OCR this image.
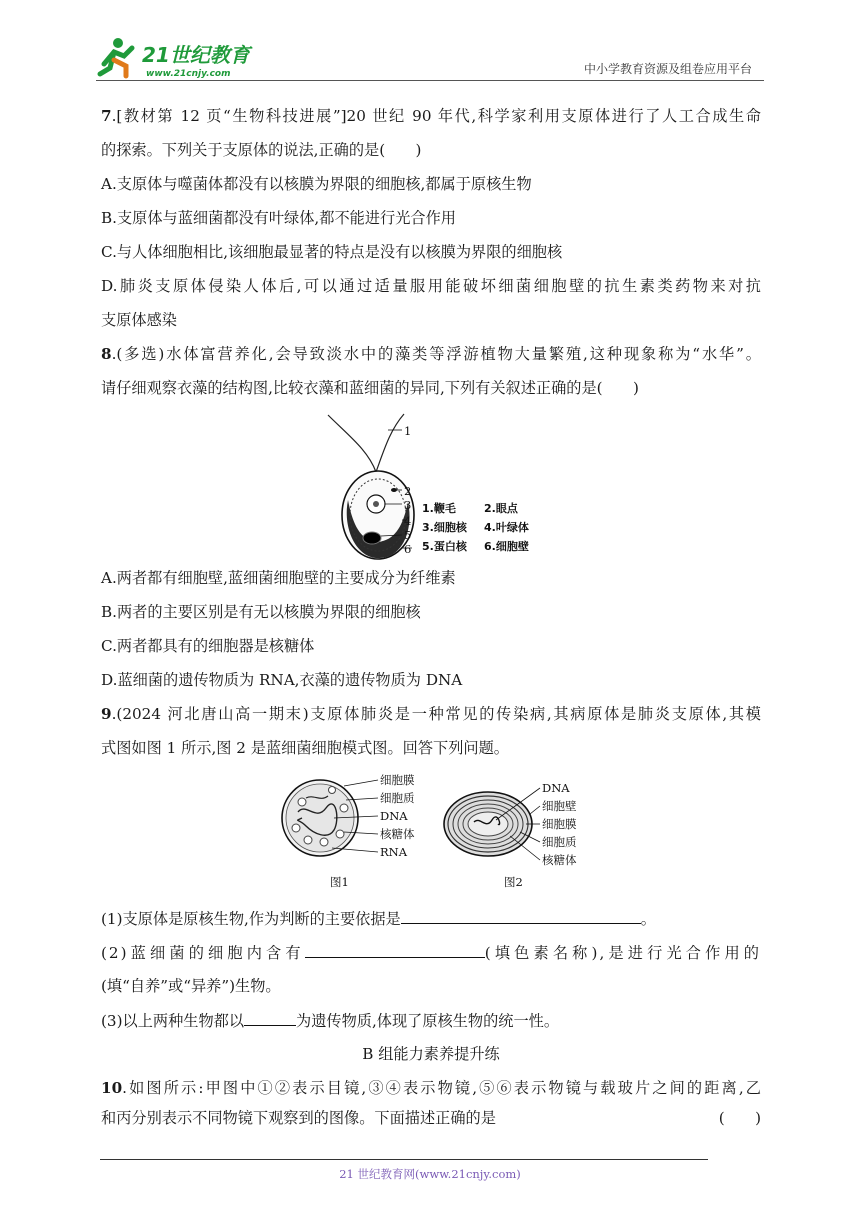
21世纪教育
www.21cnjy.com	中小学教育资源及组卷应用平台
7.[教材第 12 页“生物科技进展”]20 世纪 90 年代,科学家利用支原体进行了人工合成生命
的探索。下列关于支原体的说法,正确的是(　　)
A.支原体与噬菌体都没有以核膜为界限的细胞核,都属于原核生物
B.支原体与蓝细菌都没有叶绿体,都不能进行光合作用
C.与人体细胞相比,该细胞最显著的特点是没有以核膜为界限的细胞核
D.肺炎支原体侵染人体后,可以通过适量服用能破坏细菌细胞壁的抗生素类药物来对抗
支原体感染
8.(多选)水体富营养化,会导致淡水中的藻类等浮游植物大量繁殖,这种现象称为“水华”。
请仔细观察衣藻的结构图,比较衣藻和蓝细菌的异同,下列有关叙述正确的是(　　)
1
2
3
4
5
6
1.鞭毛	2.眼点
3.细胞核 4.叶绿体
5.蛋白核 6.细胞壁
A.两者都有细胞壁,蓝细菌细胞壁的主要成分为纤维素
B.两者的主要区别是有无以核膜为界限的细胞核
C.两者都具有的细胞器是核糖体
D.蓝细菌的遗传物质为 RNA,衣藻的遗传物质为 DNA
9.(2024 河北唐山高一期末)支原体肺炎是一种常见的传染病,其病原体是肺炎支原体,其模
式图如图 1 所示,图 2 是蓝细菌细胞模式图。回答下列问题。
细胞膜
细胞质
DNA
核糖体
RNA
图1
DNA
细胞壁
细胞膜
细胞质
核糖体
图2
(1)支原体是原核生物,作为判断的主要依据是	。
(2)蓝细菌的细胞内含有	(填色素名称),是进行光合作用的
(填“自养”或“异养”)生物。
(3)以上两种生物都以	为遗传物质,体现了原核生物的统一性。
B 组能力素养提升练
10.如图所示:甲图中①②表示目镜,③④表示物镜,⑤⑥表示物镜与载玻片之间的距离,乙
和丙分别表示不同物镜下观察到的图像。下面描述正确的是	(　　)
21 世纪教育网(www.21cnjy.com)
